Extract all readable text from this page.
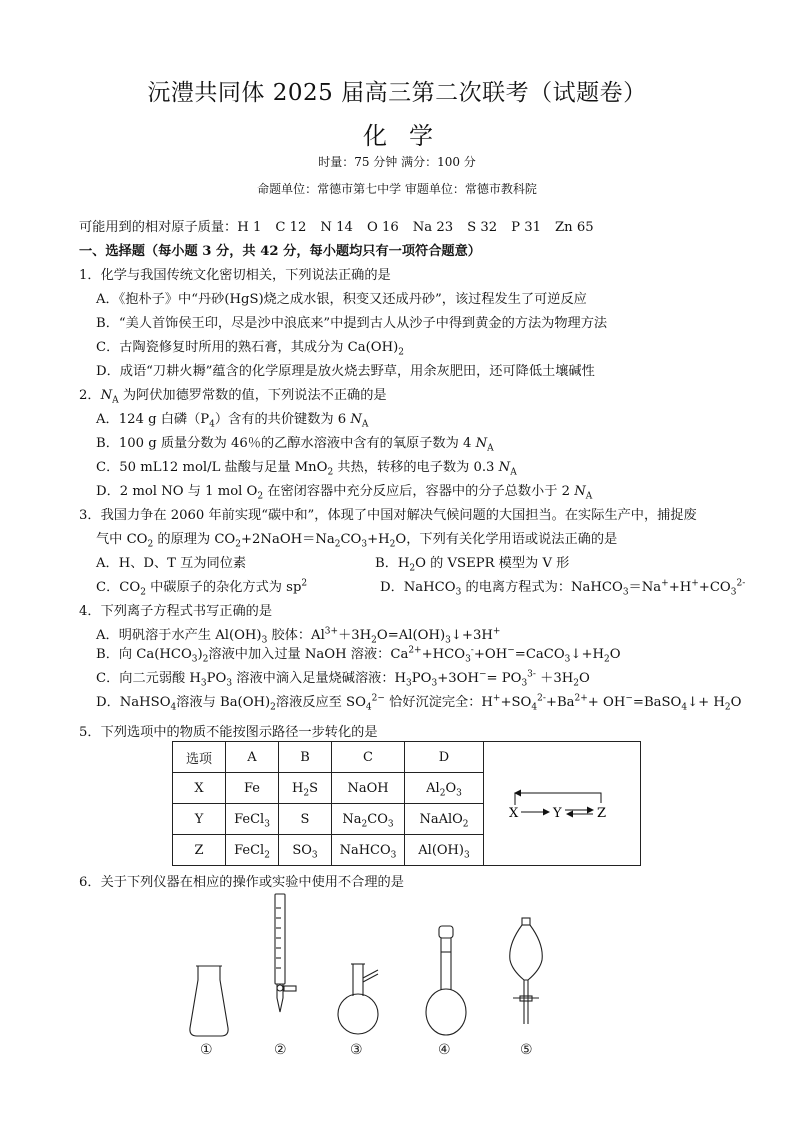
沅澧共同体 2025 届高三第二次联考（试题卷）
化 学
时量：75 分钟 满分：100 分
命题单位：常德市第七中学 审题单位：常德市教科院
可能用到的相对原子质量：H 1 C 12 N 14 O 16 Na 23 S 32 P 31 Zn 65
一、选择题（每小题 3 分，共 42 分，每小题均只有一项符合题意）
1．化学与我国传统文化密切相关，下列说法正确的是
A．《抱朴子》中“丹砂(HgS)烧之成水银，积变又还成丹砂”，该过程发生了可逆反应
B．“美人首饰侯王印，尽是沙中浪底来”中提到古人从沙子中得到黄金的方法为物理方法
C．古陶瓷修复时所用的熟石膏，其成分为 $Ca(OH)_2$
D．成语“刀耕火耨”蕴含的化学原理是放火烧去野草，用余灰肥田，还可降低土壤碱性
2．$N_A$ 为阿伏加德罗常数的值，下列说法不正确的是
A．124 g 白磷$(P_4)$含有的共价键数为 6 $N_A$
B．100 g 质量分数为 46％的乙醇水溶液中含有的氧原子数为 4 $N_A$
C．50 mL12 mol/L 盐酸与足量 MnO$_2$ 共热，转移的电子数为 0.3 $N_A$
D．2 mol NO 与 1 mol $O_2$ 在密闭容器中充分反应后，容器中的分子总数小于 2 $N_A$
3．我国力争在 2060 年前实现“碳中和”，体现了中国对解决气候问题的大国担当。在实际生产中，捕捉废
气中 $CO_2$ 的原理为 $CO_2+2NaOH=Na_2CO_3+H_2O$，下列有关化学用语或说法正确的是
A．H、D、T 互为同位素	B．$H_2O$ 的 VSEPR 模型为 V 形
C．$CO_2$ 中碳原子的杂化方式为 $sp^2$	D．NaHCO$_3$ 的电离方程式为：$NaHCO_3=Na^++H^++CO_3^{2-}$
4．下列离子方程式书写正确的是
A．明矾溶于水产生 $Al(OH)_3$ 胶体：$Al^{3+}+3H_2O=Al(OH)_3↓+3H^+$
B．向 $Ca(HCO_3)_2$溶液中加入过量 NaOH 溶液：$Ca^{2+}+HCO_3^-+OH^-=CaCO_3↓+H_2O$
C．向二元弱酸 $H_3PO_3$ 溶液中滴入足量烧碱溶液：$H_3PO_3+3OH^-= PO_3^{3-} +3H_2O$
D．NaHSO$_4$溶液与 $Ba(OH)_2$溶液反应至 $SO_4^{2-}$ 恰好沉淀完全：$H^++SO_4^{2-}+Ba^{2+}+$ OH−=BaSO$_4$↓+ $H_2O$
5．下列选项中的物质不能按图示路径一步转化的是
选项	A	B	C	D	X Y Z

X	Fe	$H_2S$	NaOH	$Al_2O_3$
Y	FeCl$_3$	S	$Na_2CO_3$	NaAlO$_2$
Z	FeCl$_2$	$SO_3$	NaHCO$_3$	$Al(OH)_3$
6．关于下列仪器在相应的操作或实验中使用不合理的是
①	②	③	④	⑤
